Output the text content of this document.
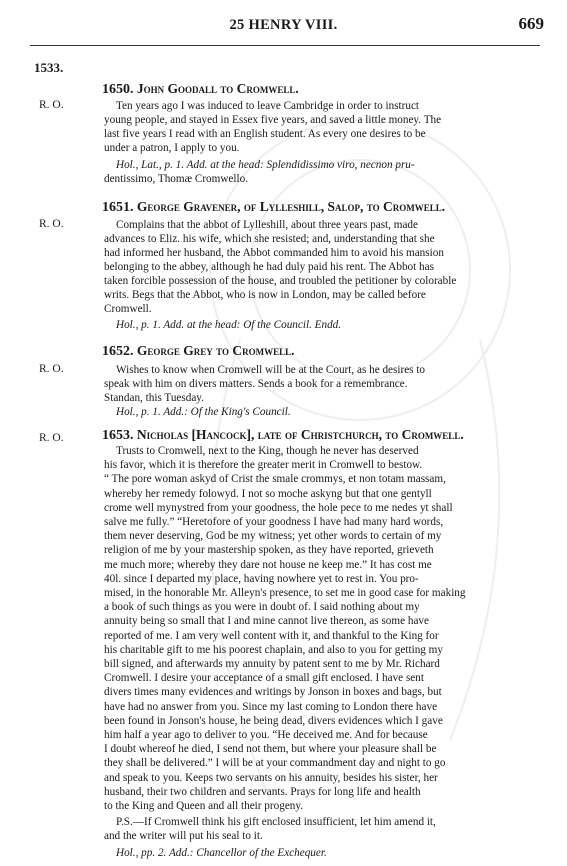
25 HENRY VIII.	669
1533.
R. O.
1650. John Goodall to Cromwell.
Ten years ago I was induced to leave Cambridge in order to instruct
young people, and stayed in Essex five years, and saved a little money. The
last five years I read with an English student. As every one desires to be
under a patron, I apply to you.
Hol., Lat., p. 1. Add. at the head: Splendidissimo viro, necnon pru-
dentissimo, Thomæ Cromwello.
R. O.
1651. George Gravener, of Lylleshill, Salop, to Cromwell.
Complains that the abbot of Lylleshill, about three years past, made
advances to Eliz. his wife, which she resisted; and, understanding that she
had informed her husband, the Abbot commanded him to avoid his mansion
belonging to the abbey, although he had duly paid his rent. The Abbot has
taken forcible possession of the house, and troubled the petitioner by colorable
writs. Begs that the Abbot, who is now in London, may be called before
Cromwell.
Hol., p. 1. Add. at the head: Of the Council. Endd.
R. O.
1652. George Grey to Cromwell.
Wishes to know when Cromwell will be at the Court, as he desires to
speak with him on divers matters. Sends a book for a remembrance.
Standan, this Tuesday.
Hol., p. 1. Add.: Of the King's Council.
R. O.	1653. Nicholas [Hancock], late of Christchurch, to Cromwell.
Trusts to Cromwell, next to the King, though he never has deserved
his favor, which it is therefore the greater merit in Cromwell to bestow.
“ The pore woman askyd of Crist the smale crommys, et non totam massam,
whereby her remedy folowyd. I not so moche askyng but that one gentyll
crome well mynystred from your goodness, the hole pece to me nedes yt shall
salve me fully.” “Heretofore of your goodness I have had many hard words,
them never deserving, God be my witness; yet other words to certain of my
religion of me by your mastership spoken, as they have reported, grieveth
me much more; whereby they dare not house ne keep me.” It has cost me
40l. since I departed my place, having nowhere yet to rest in. You pro-
mised, in the honorable Mr. Alleyn's presence, to set me in good case for making
a book of such things as you were in doubt of. I said nothing about my
annuity being so small that I and mine cannot live thereon, as some have
reported of me. I am very well content with it, and thankful to the King for
his charitable gift to me his poorest chaplain, and also to you for getting my
bill signed, and afterwards my annuity by patent sent to me by Mr. Richard
Cromwell. I desire your acceptance of a small gift enclosed. I have sent
divers times many evidences and writings by Jonson in boxes and bags, but
have had no answer from you. Since my last coming to London there have
been found in Jonson's house, he being dead, divers evidences which I gave
him half a year ago to deliver to you. “He deceived me. And for because
I doubt whereof he died, I send not them, but where your pleasure shall be
they shall be delivered.” I will be at your commandment day and night to go
and speak to you. Keeps two servants on his annuity, besides his sister, her
husband, their two children and servants. Prays for long life and health
to the King and Queen and all their progeny.
P.S.—If Cromwell think his gift enclosed insufficient, let him amend it,
and the writer will put his seal to it.
Hol., pp. 2. Add.: Chancellor of the Exchequer.
